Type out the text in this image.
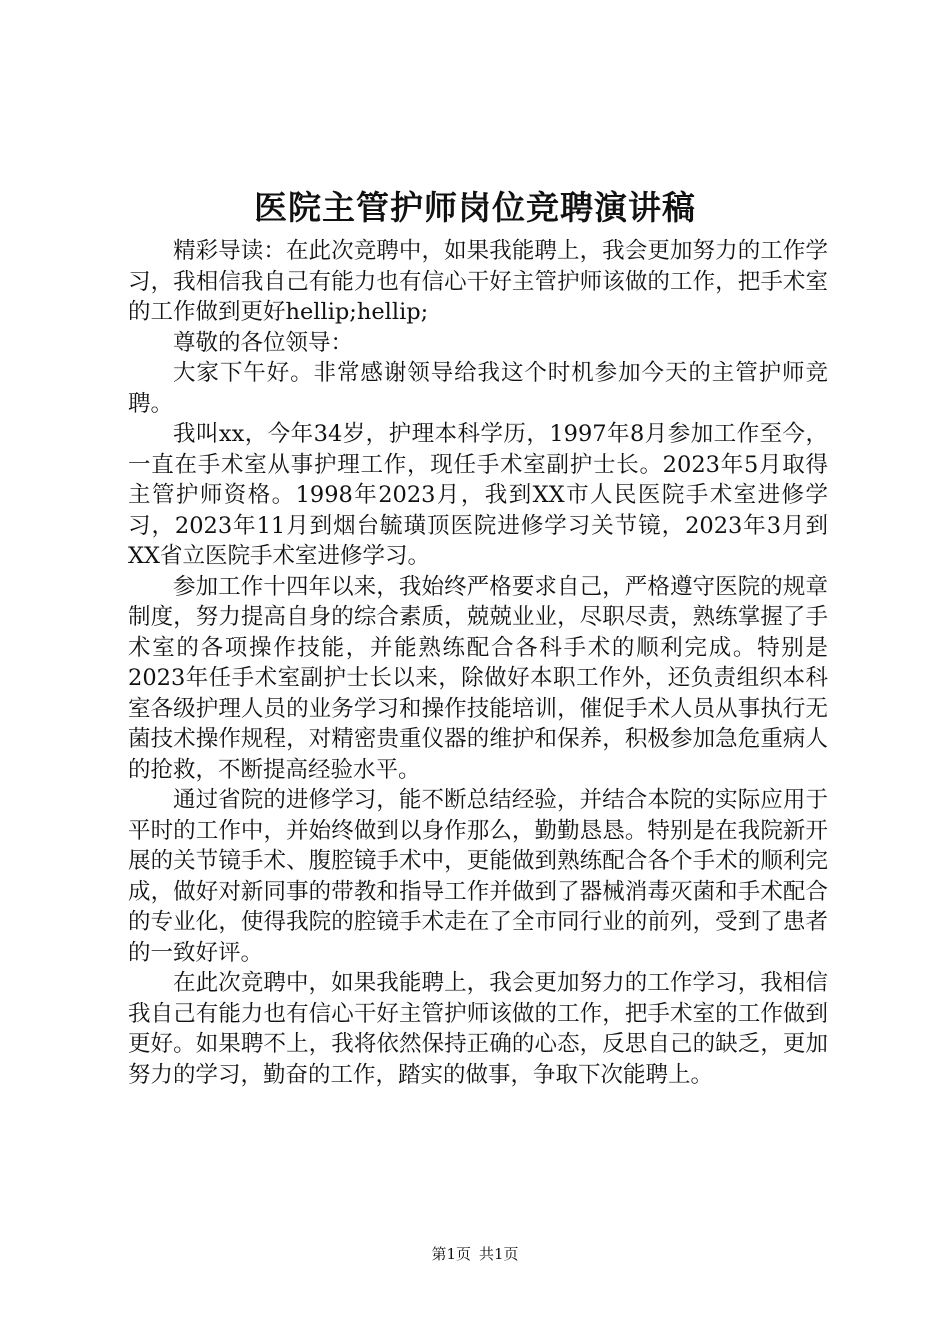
医院主管护师岗位竞聘演讲稿

精彩导读：在此次竞聘中，如果我能聘上，我会更加努力的工作学习，我相信我自己有能力也有信心干好主管护师该做的工作，把手术室的工作做到更好hellip;hellip;

尊敬的各位领导：

大家下午好。非常感谢领导给我这个时机参加今天的主管护师竞聘。

我叫xx，今年34岁，护理本科学历，1997年8月参加工作至今，一直在手术室从事护理工作，现任手术室副护士长。2023年5月取得主管护师资格。1998年2023月，我到XX市人民医院手术室进修学习，2023年11月到烟台毓璜顶医院进修学习关节镜，2023年3月到XX省立医院手术室进修学习。

参加工作十四年以来，我始终严格要求自己，严格遵守医院的规章制度，努力提高自身的综合素质，兢兢业业，尽职尽责，熟练掌握了手术室的各项操作技能，并能熟练配合各科手术的顺利完成。特别是2023年任手术室副护士长以来，除做好本职工作外，还负责组织本科室各级护理人员的业务学习和操作技能培训，催促手术人员从事执行无菌技术操作规程，对精密贵重仪器的维护和保养，积极参加急危重病人的抢救，不断提高经验水平。

通过省院的进修学习，能不断总结经验，并结合本院的实际应用于平时的工作中，并始终做到以身作那么，勤勤恳恳。特别是在我院新开展的关节镜手术、腹腔镜手术中，更能做到熟练配合各个手术的顺利完成，做好对新同事的带教和指导工作并做到了器械消毒灭菌和手术配合的专业化，使得我院的腔镜手术走在了全市同行业的前列，受到了患者的一致好评。

在此次竞聘中，如果我能聘上，我会更加努力的工作学习，我相信我自己有能力也有信心干好主管护师该做的工作，把手术室的工作做到更好。如果聘不上，我将依然保持正确的心态，反思自己的缺乏，更加努力的学习，勤奋的工作，踏实的做事，争取下次能聘上。

第1页 共1页
